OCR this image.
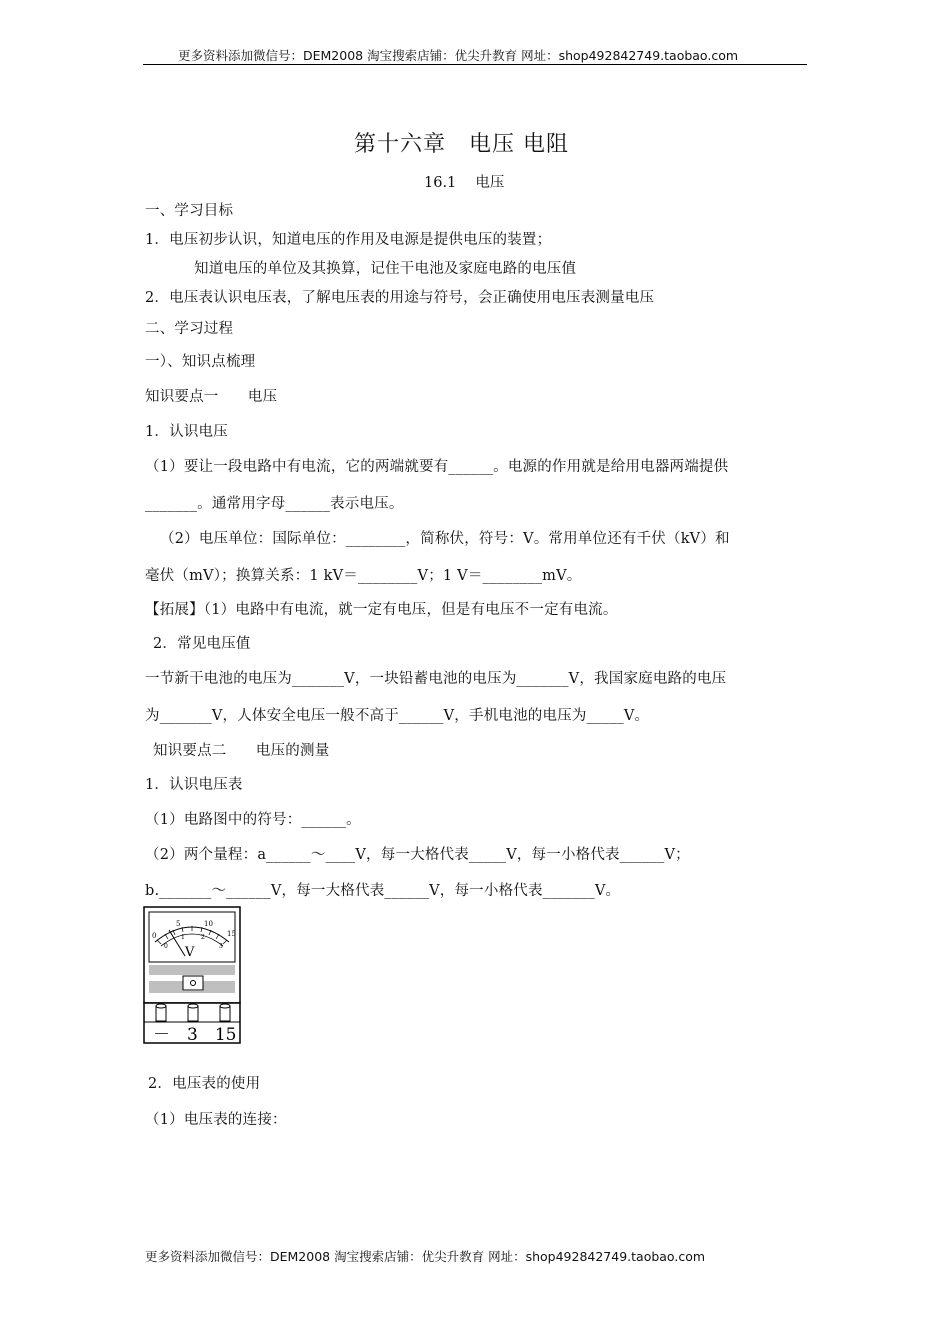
更多资料添加微信号：DEM2008 淘宝搜索店铺：优尖升教育 网址：shop492842749.taobao.com
第十六章　电压 电阻
16.1　 电压
一、学习目标
1．电压初步认识，知道电压的作用及电源是提供电压的装置；
知道电压的单位及其换算，记住干电池及家庭电路的电压值
2．电压表认识电压表，了解电压表的用途与符号，会正确使用电压表测量电压
二、学习过程
一）、知识点梳理
知识要点一　　电压
1．认识电压
（1）要让一段电路中有电流，它的两端就要有______。电源的作用就是给用电器两端提供
_______。通常用字母______表示电压。
（2）电压单位：国际单位：________，简称伏，符号：V。常用单位还有千伏（kV）和
毫伏（mV）；换算关系：1 kV＝________V；1 V＝________mV。
【拓展】（1）电路中有电流，就一定有电压，但是有电压不一定有电流。
2．常见电压值
一节新干电池的电压为_______V，一块铅蓄电池的电压为_______V，我国家庭电路的电压
为_______V，人体安全电压一般不高于______V，手机电池的电压为_____V。
知识要点二　　电压的测量
1．认识电压表
（1）电路图中的符号：______。
（2）两个量程：a______～____V，每一大格代表_____V，每一小格代表______V；
b._______～______V，每一大格代表______V，每一小格代表_______V。
0
5	10
15
0
1	2
3
V
－　3　15
2．电压表的使用
（1）电压表的连接：
更多资料添加微信号：DEM2008 淘宝搜索店铺：优尖升教育 网址：shop492842749.taobao.com
